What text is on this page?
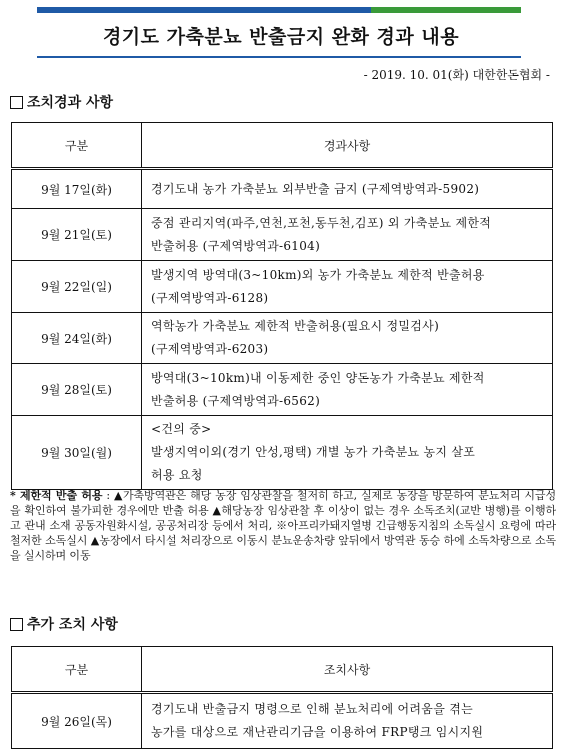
경기도 가축분뇨 반출금지 완화 경과 내용
- 2019. 10. 01(화) 대한한돈협회 -
조치경과 사항
구분	경과사항
9월 17일(화)	경기도내 농가 가축분뇨 외부반출 금지 (구제역방역과-5902)
9월 21일(토)	중점 관리지역(파주,연천,포천,동두천,김포) 외 가축분뇨 제한적
반출허용 (구제역방역과-6104)
9월 22일(일)	발생지역 방역대(3~10km)외 농가 가축분뇨 제한적 반출허용
(구제역방역과-6128)
9월 24일(화)	역학농가 가축분뇨 제한적 반출허용(필요시 정밀검사)
(구제역방역과-6203)
9월 28일(토)	방역대(3~10km)내 이동제한 중인 양돈농가 가축분뇨 제한적
반출허용 (구제역방역과-6562)
9월 30일(월)	<건의 중>
발생지역이외(경기 안성,평택) 개별 농가 가축분뇨 농지 살포
허용 요청
* 제한적 반출 허용 : ▲가축방역관은 해당 농장 임상관찰을 철저히 하고, 실제로 농장을 방문하여 분뇨처리 시급성을 확인하여 불가피한 경우에만 반출 허용 ▲해당농장 임상관찰 후 이상이 없는 경우 소독조치(교반 병행)를 이행하고 관내 소재 공동자원화시설, 공공처리장 등에서 처리, ※아프리카돼지열병 긴급행동지침의 소독실시 요령에 따라 철저한 소독실시 ▲농장에서 타시설 처리장으로 이동시 분뇨운송차량 앞뒤에서 방역관 동승 하에 소독차량으로 소독을 실시하며 이동
추가 조치 사항
구분	조치사항
9월 26일(목)	경기도내 반출금지 명령으로 인해 분뇨처리에 어려움을 겪는
농가를 대상으로 재난관리기금을 이용하여 FRP탱크 임시지원
